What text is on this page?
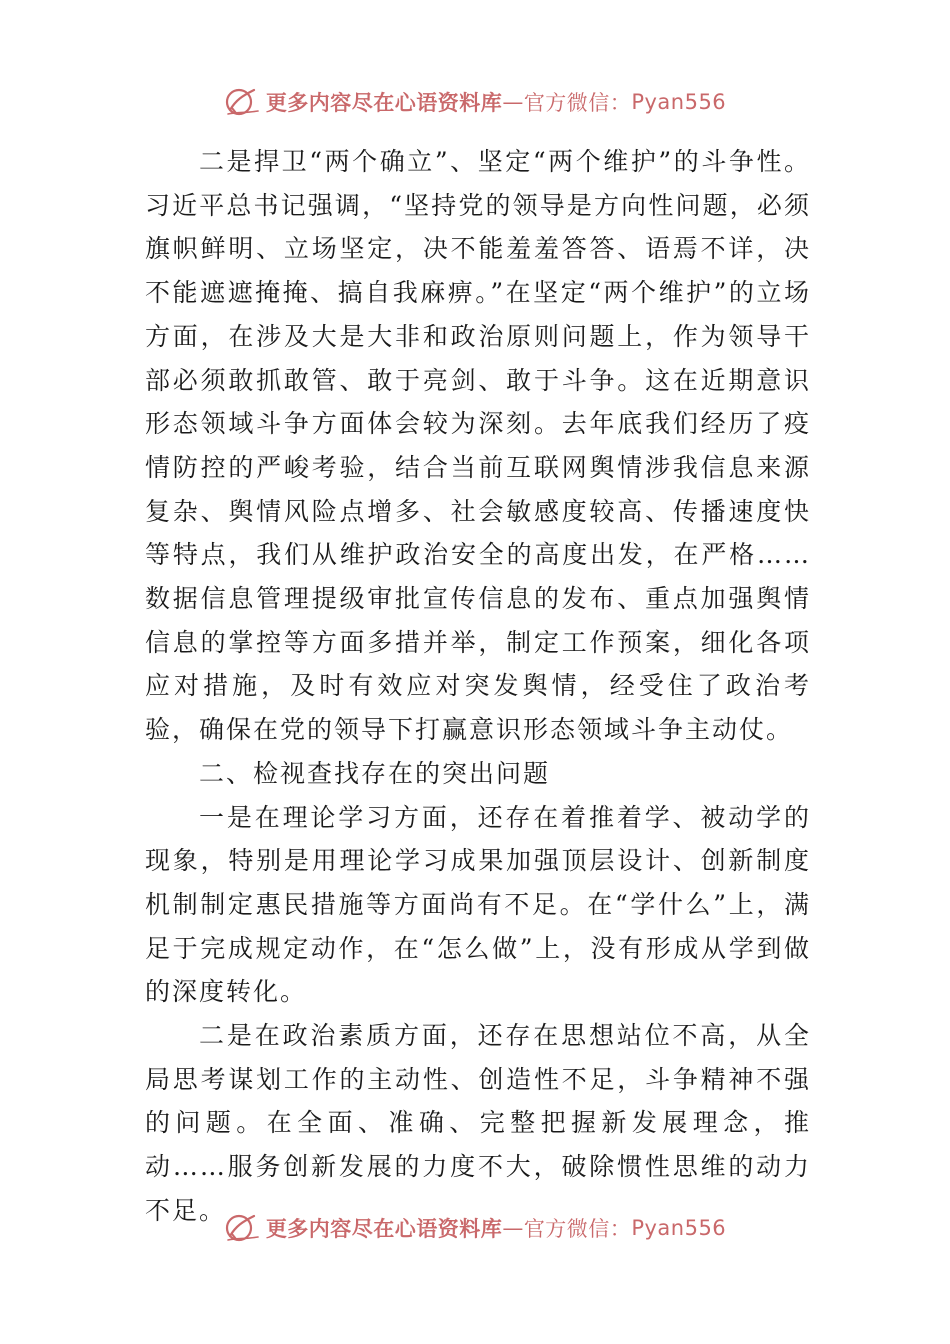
更多内容尽在心语资料库 — 官方微信： Pyan556

二是捍卫“两个确立”、坚定“两个维护”的斗争性。习近平总书记强调，“坚持党的领导是方向性问题，必须旗帜鲜明、立场坚定，决不能羞羞答答、语焉不详，决不能遮遮掩掩、搞自我麻痹。”在坚定“两个维护”的立场方面，在涉及大是大非和政治原则问题上，作为领导干部必须敢抓敢管、敢于亮剑、敢于斗争。这在近期意识形态领域斗争方面体会较为深刻。去年底我们经历了疫情防控的严峻考验，结合当前互联网舆情涉我信息来源复杂、舆情风险点增多、社会敏感度较高、传播速度快等特点，我们从维护政治安全的高度出发，在严格……数据信息管理提级审批宣传信息的发布、重点加强舆情信息的掌控等方面多措并举，制定工作预案，细化各项应对措施，及时有效应对突发舆情，经受住了政治考验，确保在党的领导下打赢意识形态领域斗争主动仗。

二、检视查找存在的突出问题

一是在理论学习方面，还存在着推着学、被动学的现象，特别是用理论学习成果加强顶层设计、创新制度机制制定惠民措施等方面尚有不足。在“学什么”上，满足于完成规定动作，在“怎么做”上，没有形成从学到做的深度转化。

二是在政治素质方面，还存在思想站位不高，从全局思考谋划工作的主动性、创造性不足，斗争精神不强的问题。在全面、准确、完整把握新发展理念，推动……服务创新发展的力度不大，破除惯性思维的动力不足。

更多内容尽在心语资料库 — 官方微信： Pyan556
